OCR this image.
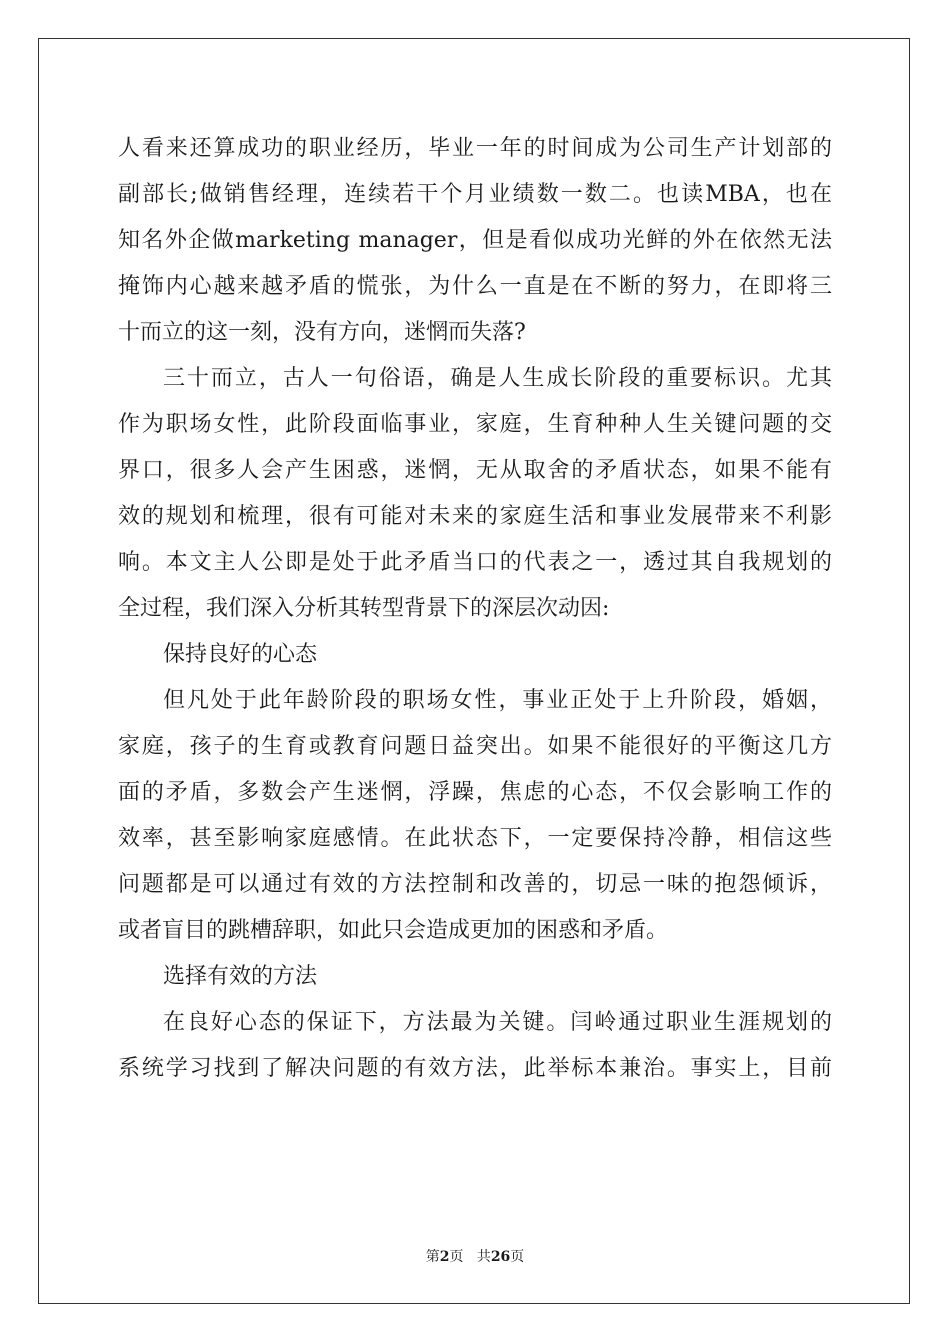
人看来还算成功的职业经历，毕业一年的时间成为公司生产计划部的
副部长;做销售经理，连续若干个月业绩数一数二。也读MBA，也在
知名外企做marketing manager，但是看似成功光鲜的外在依然无法
掩饰内心越来越矛盾的慌张，为什么一直是在不断的努力，在即将三
十而立的这一刻，没有方向，迷惘而失落?
三十而立，古人一句俗语，确是人生成长阶段的重要标识。尤其
作为职场女性，此阶段面临事业，家庭，生育种种人生关键问题的交
界口，很多人会产生困惑，迷惘，无从取舍的矛盾状态，如果不能有
效的规划和梳理，很有可能对未来的家庭生活和事业发展带来不利影
响。本文主人公即是处于此矛盾当口的代表之一，透过其自我规划的
全过程，我们深入分析其转型背景下的深层次动因:
保持良好的心态
但凡处于此年龄阶段的职场女性，事业正处于上升阶段，婚姻，
家庭，孩子的生育或教育问题日益突出。如果不能很好的平衡这几方
面的矛盾，多数会产生迷惘，浮躁，焦虑的心态，不仅会影响工作的
效率，甚至影响家庭感情。在此状态下，一定要保持冷静，相信这些
问题都是可以通过有效的方法控制和改善的，切忌一味的抱怨倾诉，
或者盲目的跳槽辞职，如此只会造成更加的困惑和矛盾。
选择有效的方法
在良好心态的保证下，方法最为关键。闫岭通过职业生涯规划的
系统学习找到了解决问题的有效方法，此举标本兼治。事实上，目前
第2页 共26页
